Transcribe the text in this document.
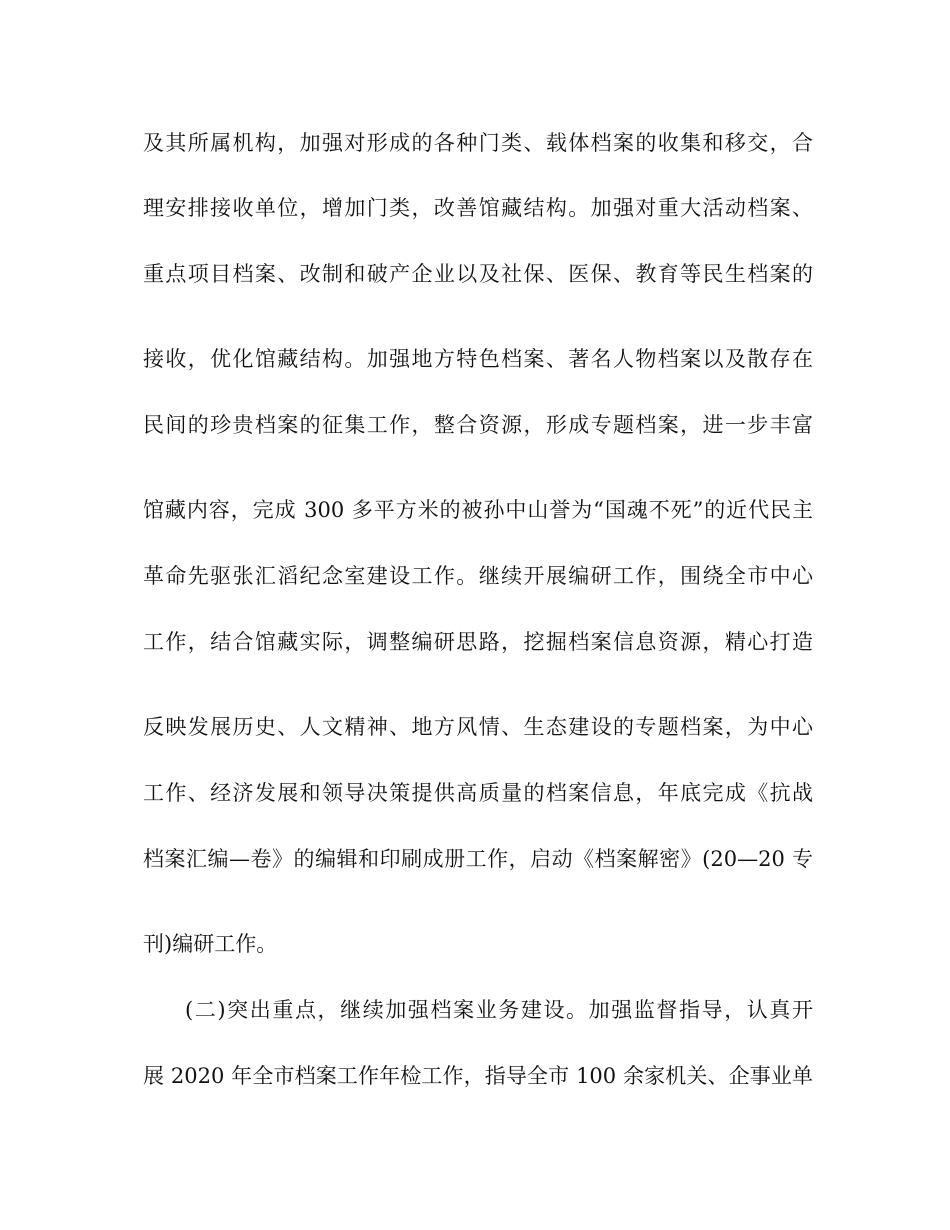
及其所属机构，加强对形成的各种门类、载体档案的收集和移交，合
理安排接收单位，增加门类，改善馆藏结构。加强对重大活动档案、
重点项目档案、改制和破产企业以及社保、医保、教育等民生档案的
接收，优化馆藏结构。加强地方特色档案、著名人物档案以及散存在
民间的珍贵档案的征集工作，整合资源，形成专题档案，进一步丰富
馆藏内容，完成 300 多平方米的被孙中山誉为“国魂不死”的近代民主
革命先驱张汇滔纪念室建设工作。继续开展编研工作，围绕全市中心
工作，结合馆藏实际，调整编研思路，挖掘档案信息资源，精心打造
反映发展历史、人文精神、地方风情、生态建设的专题档案，为中心
工作、经济发展和领导决策提供高质量的档案信息，年底完成《抗战
档案汇编—卷》的编辑和印刷成册工作，启动《档案解密》(20—20 专
刊)编研工作。
(二)突出重点，继续加强档案业务建设。加强监督指导，认真开
展 2020 年全市档案工作年检工作，指导全市 100 余家机关、企事业单
